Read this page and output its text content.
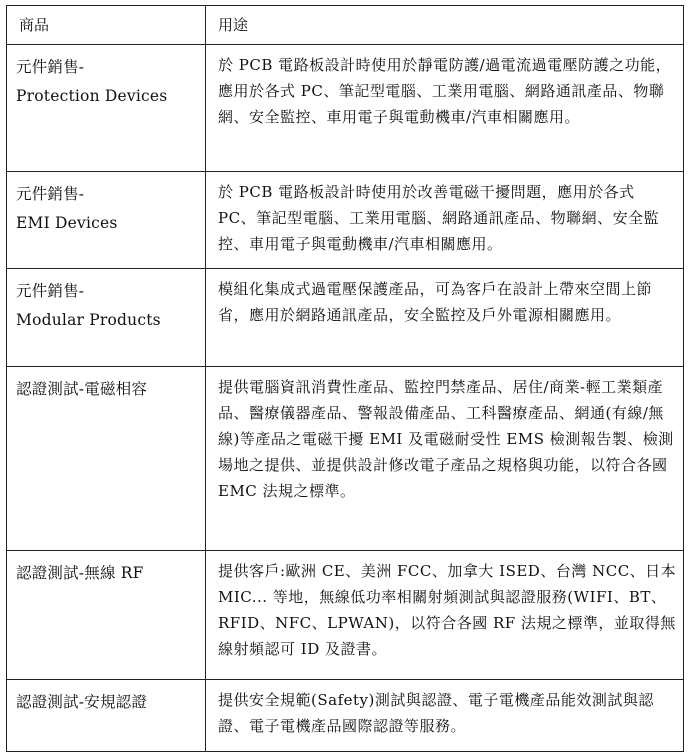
商品	用途

元件銷售-
Protection Devices	於 PCB 電路板設計時使用於靜電防護/過電流過電壓防護之功能，應用於各式 PC、筆記型電腦、工業用電腦、網路通訊產品、物聯網、安全監控、車用電子與電動機車/汽車相關應用。
元件銷售-
EMI Devices	於 PCB 電路板設計時使用於改善電磁干擾問題，應用於各式 PC、筆記型電腦、工業用電腦、網路通訊產品、物聯網、安全監控、車用電子與電動機車/汽車相關應用。
元件銷售-
Modular Products	模組化集成式過電壓保護產品，可為客戶在設計上帶來空間上節省，應用於網路通訊產品，安全監控及戶外電源相關應用。
認證測試-電磁相容	提供電腦資訊消費性產品、監控門禁產品、居住/商業-輕工業類產品、醫療儀器產品、警報設備產品、工科醫療產品、網通(有線/無線)等產品之電磁干擾 EMI 及電磁耐受性 EMS 檢測報告製、檢測場地之提供、並提供設計修改電子產品之規格與功能，以符合各國 EMC 法規之標準。
認證測試-無線 RF	提供客戶:歐洲 CE、美洲 FCC、加拿大 ISED、台灣 NCC、日本 MIC... 等地，無線低功率相關射頻測試與認證服務(WIFI、BT、RFID、NFC、LPWAN)，以符合各國 RF 法規之標準，並取得無線射頻認可 ID 及證書。
認證測試-安規認證	提供安全規範(Safety)測試與認證、電子電機產品能效測試與認證、電子電機產品國際認證等服務。
